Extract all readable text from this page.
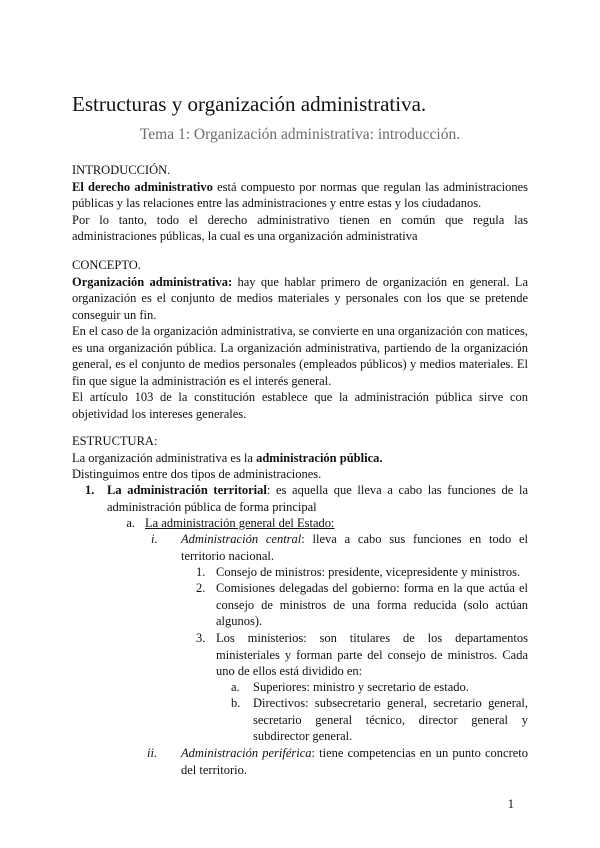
Estructuras y organización administrativa.
Tema 1: Organización administrativa: introducción.

INTRODUCCIÓN.

El derecho administrativo está compuesto por normas que regulan las administraciones públicas y las relaciones entre las administraciones y entre estas y los ciudadanos.

Por lo tanto, todo el derecho administrativo tienen en común que regula las administraciones públicas, la cual es una organización administrativa

CONCEPTO.

Organización administrativa: hay que hablar primero de organización en general. La organización es el conjunto de medios materiales y personales con los que se pretende conseguir un fin.

En el caso de la organización administrativa, se convierte en una organización con matices, es una organización pública. La organización administrativa, partiendo de la organización general, es el conjunto de medios personales (empleados públicos) y medios materiales. El fin que sigue la administración es el interés general.

El artículo 103 de la constitución establece que la administración pública sirve con objetividad los intereses generales.

ESTRUCTURA:

La organización administrativa es la administración pública.

Distinguimos entre dos tipos de administraciones.

1.	La administración territorial: es aquella que lleva a cabo las funciones de la administración pública de forma principal
a. La administración general del Estado:
i.	Administración central: lleva a cabo sus funciones en todo el territorio nacional.
1. Consejo de ministros: presidente, vicepresidente y ministros.
2. Comisiones delegadas del gobierno: forma en la que actúa el consejo de ministros de una forma reducida (solo actúan algunos).
3. Los ministerios: son titulares de los departamentos ministeriales y forman parte del consejo de ministros. Cada uno de ellos está dividido en:
a.	Superiores: ministro y secretario de estado.
b.	Directivos: subsecretario general, secretario general, secretario general técnico, director general y subdirector general.
ii.	Administración periférica: tiene competencias en un punto concreto del territorio.
1
